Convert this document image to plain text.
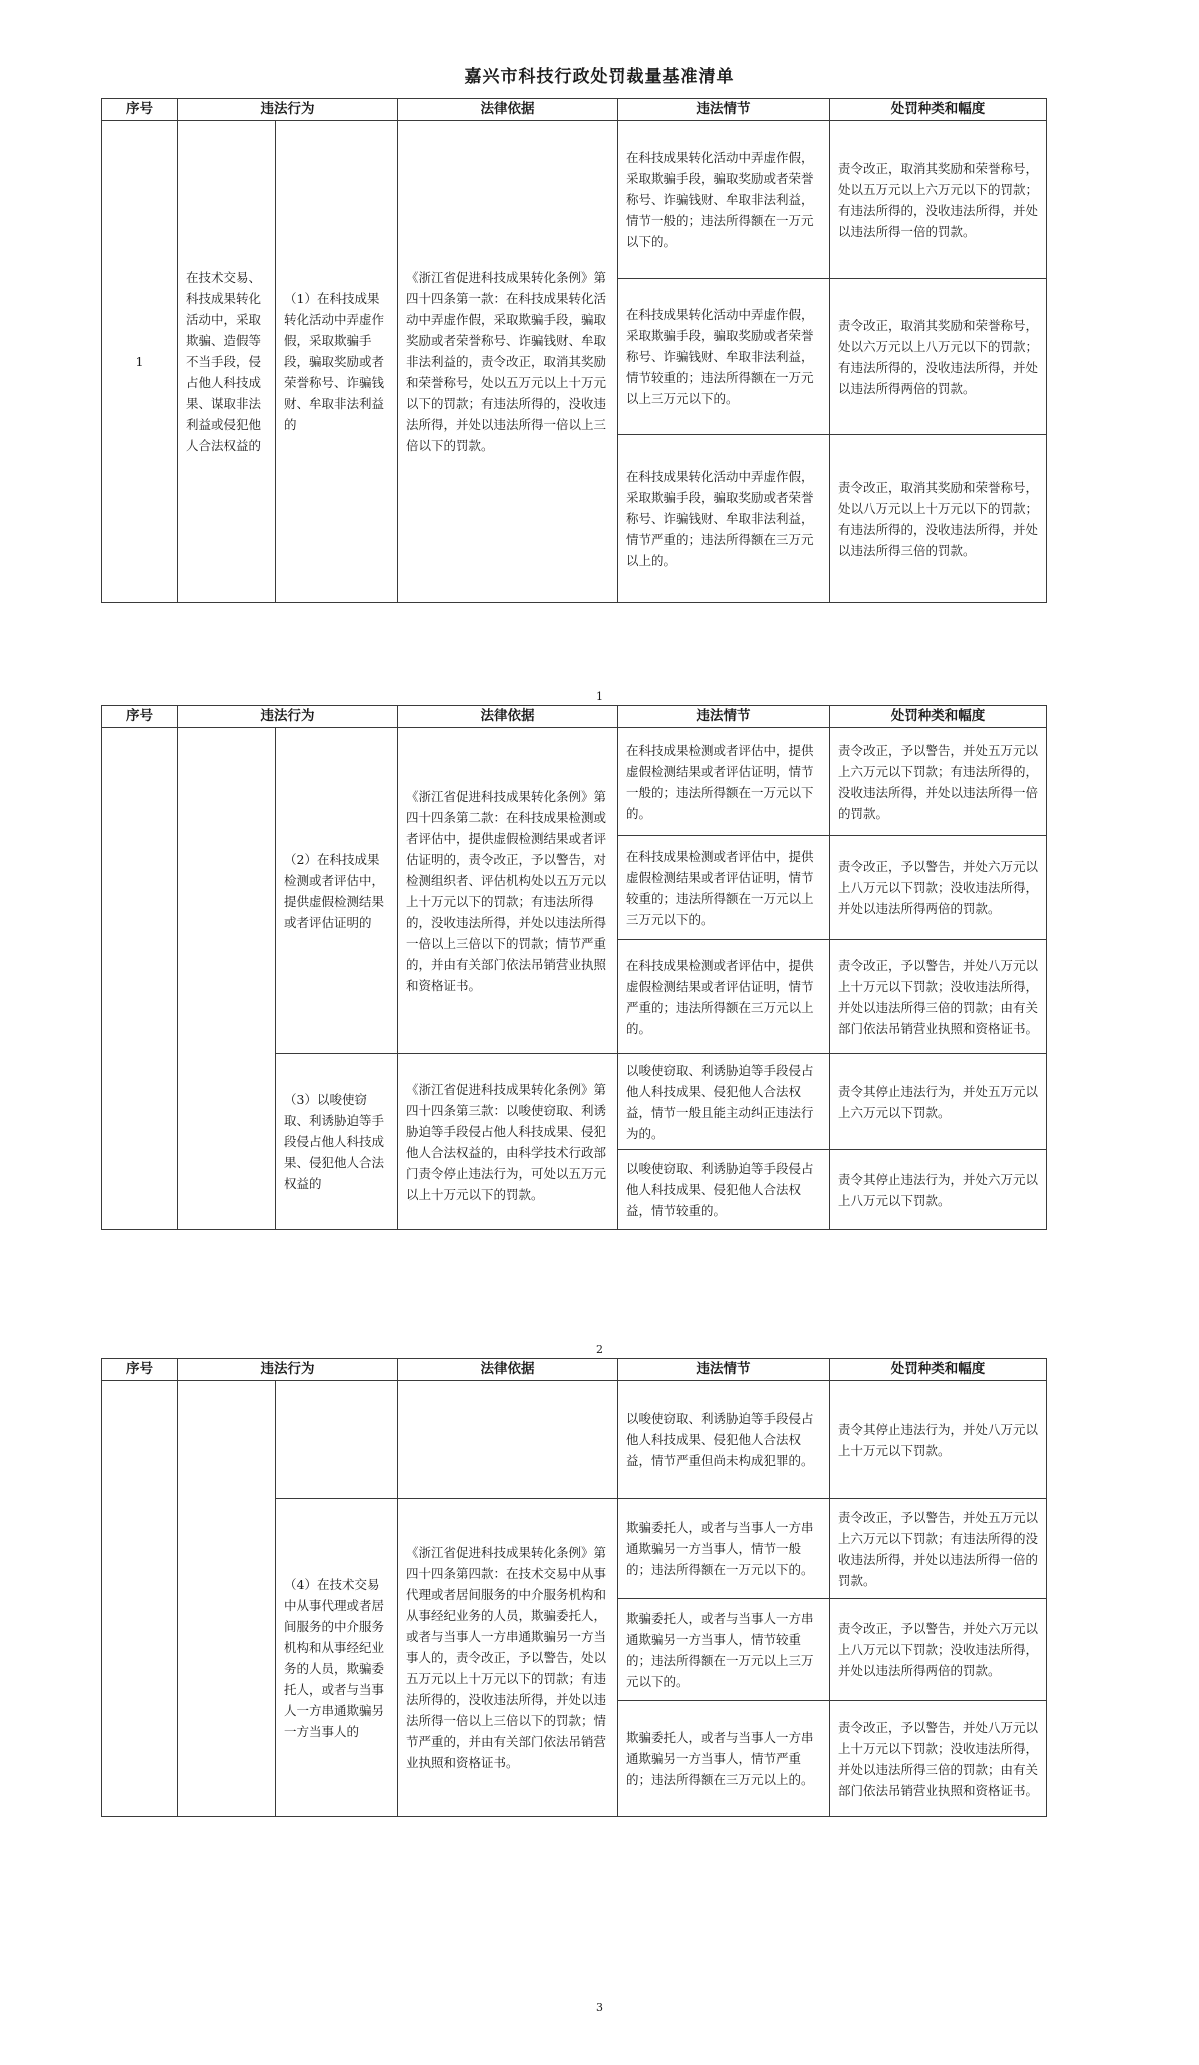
嘉兴市科技行政处罚裁量基准清单
序号	违法行为		法律依据	违法情节	处罚种类和幅度
1	在技术交易、科技成果转化活动中，采取欺骗、造假等不当手段，侵占他人科技成果、谋取非法利益或侵犯他人合法权益的	（1）在科技成果转化活动中弄虚作假，采取欺骗手段，骗取奖励或者荣誉称号、诈骗钱财、牟取非法利益的	《浙江省促进科技成果转化条例》第四十四条第一款：在科技成果转化活动中弄虚作假，采取欺骗手段，骗取奖励或者荣誉称号、诈骗钱财、牟取非法利益的，责令改正，取消其奖励和荣誉称号，处以五万元以上十万元以下的罚款；有违法所得的，没收违法所得，并处以违法所得一倍以上三倍以下的罚款。	在科技成果转化活动中弄虚作假，采取欺骗手段，骗取奖励或者荣誉称号、诈骗钱财、牟取非法利益，情节一般的；违法所得额在一万元以下的。	责令改正，取消其奖励和荣誉称号，处以五万元以上六万元以下的罚款；有违法所得的，没收违法所得，并处以违法所得一倍的罚款。
				在科技成果转化活动中弄虚作假，采取欺骗手段，骗取奖励或者荣誉称号、诈骗钱财、牟取非法利益，情节较重的；违法所得额在一万元以上三万元以下的。	责令改正，取消其奖励和荣誉称号，处以六万元以上八万元以下的罚款；有违法所得的，没收违法所得，并处以违法所得两倍的罚款。
				在科技成果转化活动中弄虚作假，采取欺骗手段，骗取奖励或者荣誉称号、诈骗钱财、牟取非法利益，情节严重的；违法所得额在三万元以上的。	责令改正，取消其奖励和荣誉称号，处以八万元以上十万元以下的罚款；有违法所得的，没收违法所得，并处以违法所得三倍的罚款。
1
序号	违法行为		法律依据	违法情节	处罚种类和幅度
		（2）在科技成果检测或者评估中，提供虚假检测结果或者评估证明的	《浙江省促进科技成果转化条例》第四十四条第二款：在科技成果检测或者评估中，提供虚假检测结果或者评估证明的，责令改正，予以警告，对检测组织者、评估机构处以五万元以上十万元以下的罚款；有违法所得的，没收违法所得，并处以违法所得一倍以上三倍以下的罚款；情节严重的，并由有关部门依法吊销营业执照和资格证书。	在科技成果检测或者评估中，提供虚假检测结果或者评估证明，情节一般的；违法所得额在一万元以下的。	责令改正，予以警告，并处五万元以上六万元以下罚款；有违法所得的，没收违法所得，并处以违法所得一倍的罚款。
				在科技成果检测或者评估中，提供虚假检测结果或者评估证明，情节较重的；违法所得额在一万元以上三万元以下的。	责令改正，予以警告，并处六万元以上八万元以下罚款；没收违法所得，并处以违法所得两倍的罚款。
				在科技成果检测或者评估中，提供虚假检测结果或者评估证明，情节严重的；违法所得额在三万元以上的。	责令改正，予以警告，并处八万元以上十万元以下罚款；没收违法所得，并处以违法所得三倍的罚款；由有关部门依法吊销营业执照和资格证书。
		（3）以唆使窃取、利诱胁迫等手段侵占他人科技成果、侵犯他人合法权益的	《浙江省促进科技成果转化条例》第四十四条第三款：以唆使窃取、利诱胁迫等手段侵占他人科技成果、侵犯他人合法权益的，由科学技术行政部门责令停止违法行为，可处以五万元以上十万元以下的罚款。	以唆使窃取、利诱胁迫等手段侵占他人科技成果、侵犯他人合法权益，情节一般且能主动纠正违法行为的。	责令其停止违法行为，并处五万元以上六万元以下罚款。
				以唆使窃取、利诱胁迫等手段侵占他人科技成果、侵犯他人合法权益，情节较重的。	责令其停止违法行为，并处六万元以上八万元以下罚款。
2
序号	违法行为		法律依据	违法情节	处罚种类和幅度
				以唆使窃取、利诱胁迫等手段侵占他人科技成果、侵犯他人合法权益，情节严重但尚未构成犯罪的。	责令其停止违法行为，并处八万元以上十万元以下罚款。
		（4）在技术交易中从事代理或者居间服务的中介服务机构和从事经纪业务的人员，欺骗委托人，或者与当事人一方串通欺骗另一方当事人的	《浙江省促进科技成果转化条例》第四十四条第四款：在技术交易中从事代理或者居间服务的中介服务机构和从事经纪业务的人员，欺骗委托人，或者与当事人一方串通欺骗另一方当事人的，责令改正，予以警告，处以五万元以上十万元以下的罚款；有违法所得的，没收违法所得，并处以违法所得一倍以上三倍以下的罚款；情节严重的，并由有关部门依法吊销营业执照和资格证书。	欺骗委托人，或者与当事人一方串通欺骗另一方当事人，情节一般的；违法所得额在一万元以下的。	责令改正，予以警告，并处五万元以上六万元以下罚款；有违法所得的没收违法所得，并处以违法所得一倍的罚款。
				欺骗委托人，或者与当事人一方串通欺骗另一方当事人，情节较重的；违法所得额在一万元以上三万元以下的。	责令改正，予以警告，并处六万元以上八万元以下罚款；没收违法所得，并处以违法所得两倍的罚款。
				欺骗委托人，或者与当事人一方串通欺骗另一方当事人，情节严重的；违法所得额在三万元以上的。	责令改正，予以警告，并处八万元以上十万元以下罚款；没收违法所得，并处以违法所得三倍的罚款；由有关部门依法吊销营业执照和资格证书。
3
